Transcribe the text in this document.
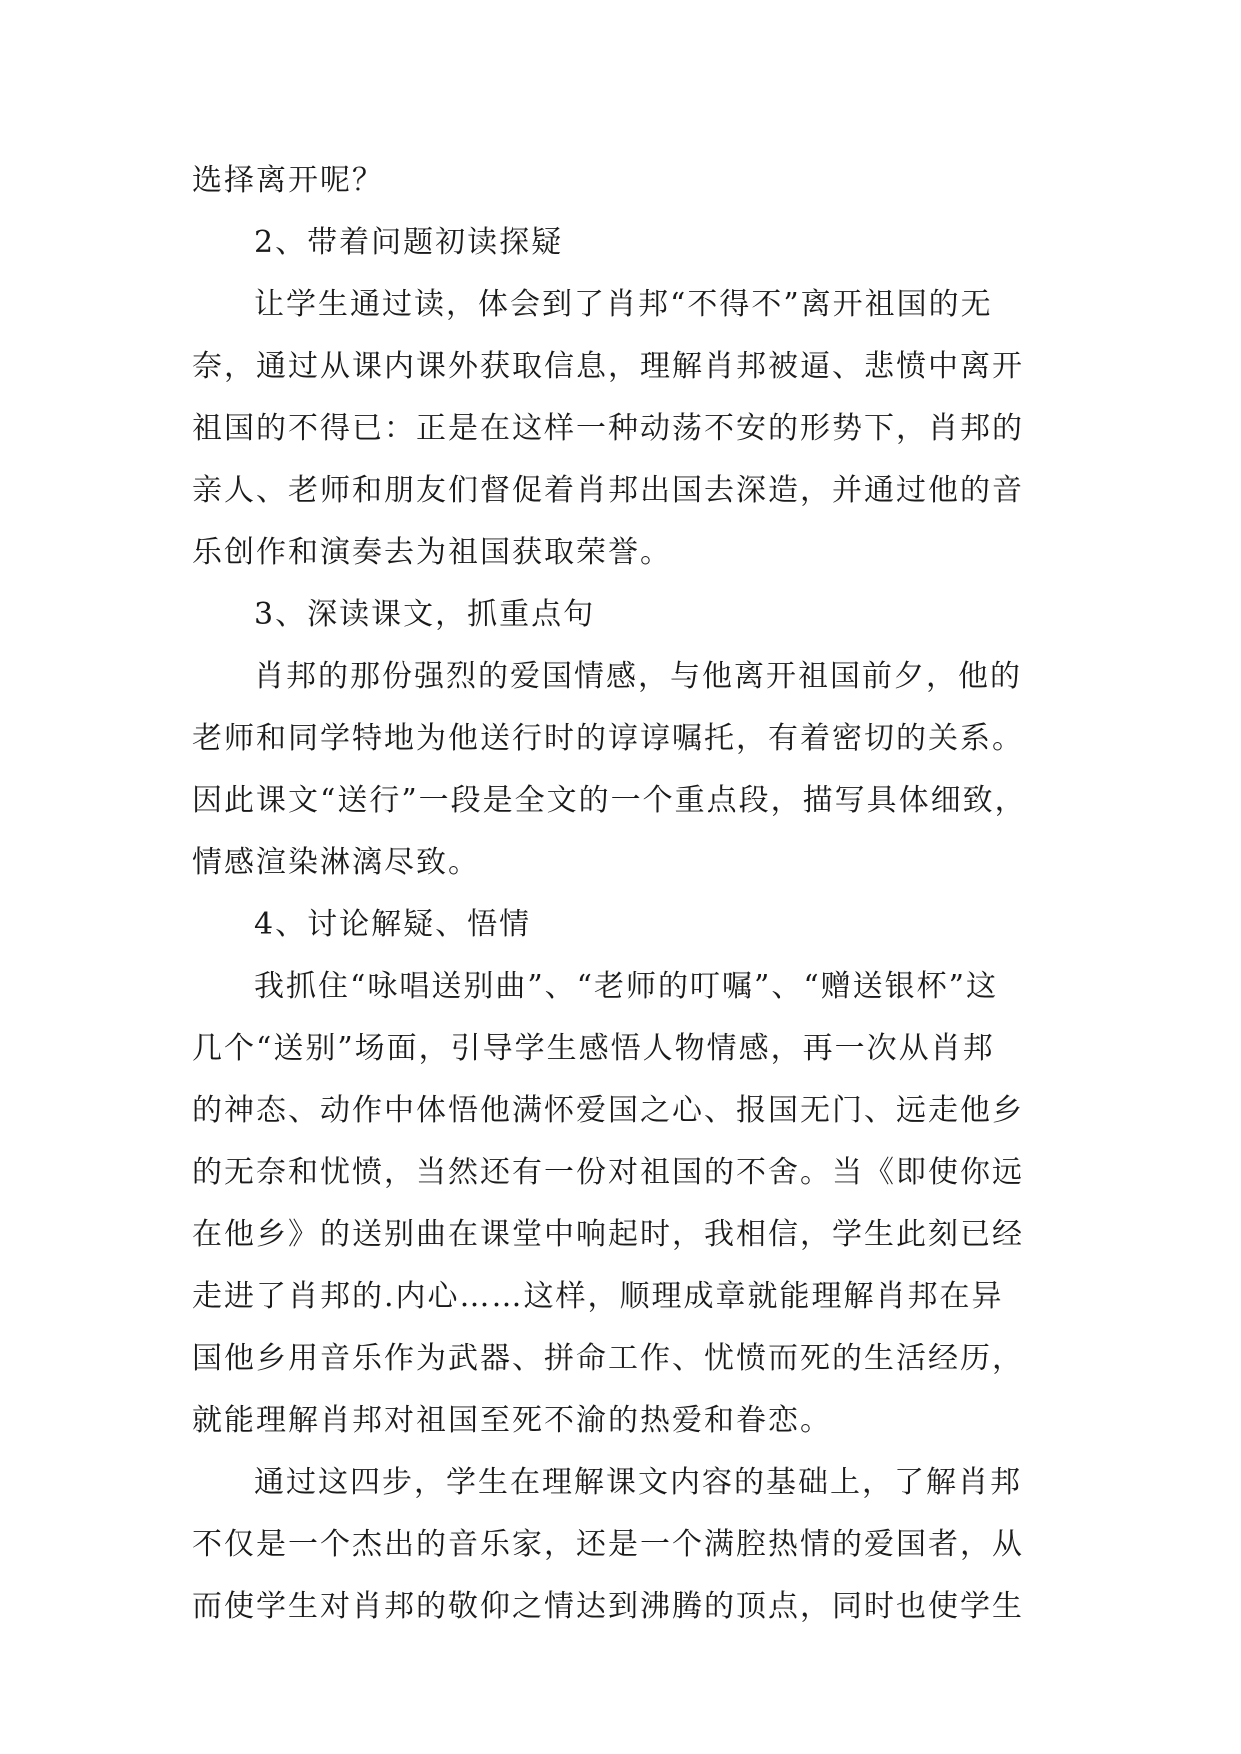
选择离开呢？
2、带着问题初读探疑
让学生通过读，体会到了肖邦“不得不”离开祖国的无
奈，通过从课内课外获取信息，理解肖邦被逼、悲愤中离开
祖国的不得已：正是在这样一种动荡不安的形势下，肖邦的
亲人、老师和朋友们督促着肖邦出国去深造，并通过他的音
乐创作和演奏去为祖国获取荣誉。
3、深读课文，抓重点句
肖邦的那份强烈的爱国情感，与他离开祖国前夕，他的
老师和同学特地为他送行时的谆谆嘱托，有着密切的关系。
因此课文“送行”一段是全文的一个重点段，描写具体细致，
情感渲染淋漓尽致。
4、讨论解疑、悟情
我抓住“咏唱送别曲”、“老师的叮嘱”、“赠送银杯”这
几个“送别”场面，引导学生感悟人物情感，再一次从肖邦
的神态、动作中体悟他满怀爱国之心、报国无门、远走他乡
的无奈和忧愤，当然还有一份对祖国的不舍。当《即使你远
在他乡》的送别曲在课堂中响起时，我相信，学生此刻已经
走进了肖邦的.内心……这样，顺理成章就能理解肖邦在异
国他乡用音乐作为武器、拼命工作、忧愤而死的生活经历，
就能理解肖邦对祖国至死不渝的热爱和眷恋。
通过这四步，学生在理解课文内容的基础上，了解肖邦
不仅是一个杰出的音乐家，还是一个满腔热情的爱国者，从
而使学生对肖邦的敬仰之情达到沸腾的顶点，同时也使学生
